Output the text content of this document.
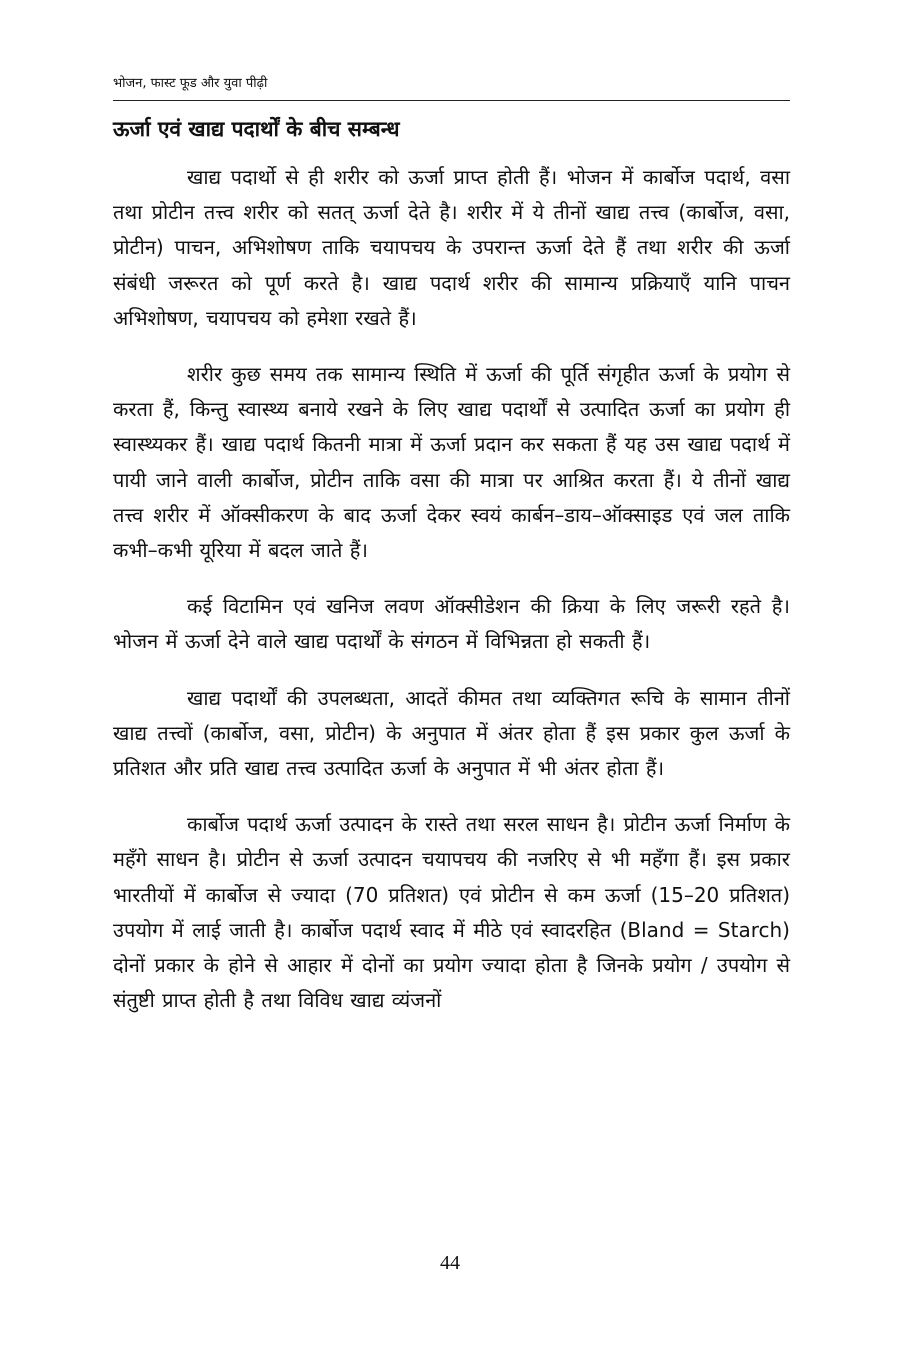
भोजन, फास्ट फूड और युवा पीढ़ी
ऊर्जा एवं खाद्य पदार्थों के बीच सम्बन्ध

खाद्य पदार्थो से ही शरीर को ऊर्जा प्राप्त होती हैं। भोजन में कार्बोज पदार्थ, वसा तथा प्रोटीन तत्त्व शरीर को सतत् ऊर्जा देते है। शरीर में ये तीनों खाद्य तत्त्व (कार्बोज, वसा, प्रोटीन) पाचन, अभिशोषण ताकि चयापचय के उपरान्त ऊर्जा देते हैं तथा शरीर की ऊर्जा संबंधी जरूरत को पूर्ण करते है। खाद्य पदार्थ शरीर की सामान्य प्रक्रियाएँ यानि पाचन अभिशोषण, चयापचय को हमेशा रखते हैं।

शरीर कुछ समय तक सामान्य स्थिति में ऊर्जा की पूर्ति संगृहीत ऊर्जा के प्रयोग से करता हैं, किन्तु स्वास्थ्य बनाये रखने के लिए खाद्य पदार्थों से उत्पादित ऊर्जा का प्रयोग ही स्वास्थ्यकर हैं। खाद्य पदार्थ कितनी मात्रा में ऊर्जा प्रदान कर सकता हैं यह उस खाद्य पदार्थ में पायी जाने वाली कार्बोज, प्रोटीन ताकि वसा की मात्रा पर आश्रित करता हैं। ये तीनों खाद्य तत्त्व शरीर में ऑक्सीकरण के बाद ऊर्जा देकर स्वयं कार्बन–डाय–ऑक्साइड एवं जल ताकि कभी–कभी यूरिया में बदल जाते हैं।

कई विटामिन एवं खनिज लवण ऑक्सीडेशन की क्रिया के लिए जरूरी रहते है। भोजन में ऊर्जा देने वाले खाद्य पदार्थों के संगठन में विभिन्नता हो सकती हैं।

खाद्य पदार्थों की उपलब्धता, आदतें कीमत तथा व्यक्तिगत रूचि के सामान तीनों खाद्य तत्त्वों (कार्बोज, वसा, प्रोटीन) के अनुपात में अंतर होता हैं इस प्रकार कुल ऊर्जा के प्रतिशत और प्रति खाद्य तत्त्व उत्पादित ऊर्जा के अनुपात में भी अंतर होता हैं।

कार्बोज पदार्थ ऊर्जा उत्पादन के रास्ते तथा सरल साधन है। प्रोटीन ऊर्जा निर्माण के महँगे साधन है। प्रोटीन से ऊर्जा उत्पादन चयापचय की नजरिए से भी महँगा हैं। इस प्रकार भारतीयों में कार्बोज से ज्यादा (70 प्रतिशत) एवं प्रोटीन से कम ऊर्जा (15–20 प्रतिशत) उपयोग में लाई जाती है। कार्बोज पदार्थ स्वाद में मीठे एवं स्वादरहित (Bland = Starch) दोनों प्रकार के होने से आहार में दोनों का प्रयोग ज्यादा होता है जिनके प्रयोग / उपयोग से संतुष्टी प्राप्त होती है तथा विविध खाद्य व्यंजनों

44
